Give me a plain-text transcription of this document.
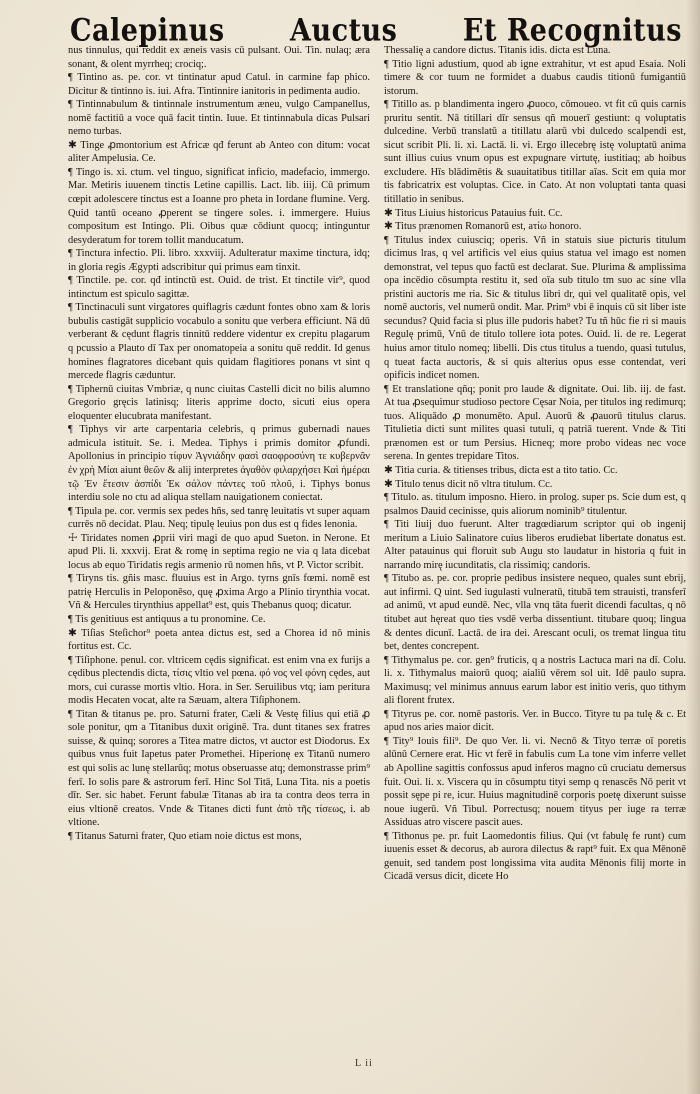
Calepinus Auctus Et Recognitus

nus tinnulus, qui reddit ex æneis vasis cū pulsant. Oui. Tin. nulaq; æra sonant, & olent myrrheq; crociq;.

¶ Tintino as. pe. cor. vt tintinatur apud Catul. in carmine fap phico. Dicitur & tintinno is. iui. Afra. Tintinnire ianitoris in pedimenta audio.

¶ Tintinnabulum & tintinnale instrumentum æneu, vulgo Campanellus, nomē factitiū a voce quā facit tintin. Iuue. Et tintinnabula dicas Pulsari nemo turbas.

✱ Tinge ꝓmontorium est Africæ qđ ferunt ab Anteo con ditum: vocat aliter Ampelusia. Ce.

¶ Tingo is. xi. ctum. vel tinguo, significat inficio, madefacio, immergo. Mar. Metiris iuuenem tinctis Letine capillis. Lact. lib. iiij. Cū primum cœpit adolescere tinctus est a Ioanne pro pheta in Iordane flumine. Verg. Quid tantū oceano ꝓperent se tingere soles. i. immergere. Huius compositum est Intingo. Pli. Oibus quæ cōdiunt quocq; intinguntur desyderatum for torem tollit manducatum.

¶ Tinctura infectio. Pli. libro. xxxviij. Adulteratur maxime tinctura, idq; in gloria regis Ægypti adscribitur qui primus eam tinxit.

¶ Tinctile. pe. cor. qđ intinctū est. Ouid. de trist. Et tinctile vir⁹, quod intinctum est spiculo sagittæ.

¶ Tinctinaculi sunt virgatores quiflagris cædunt fontes obno xam & loris bubulis castigāt supplicio vocabulo a sonitu que verbera efficiunt. Nā dū verberant & cędunt flagris tinnitū reddere videntur ex crepitu plagarum q pcussio a Plauto dī Tax per onomatopeia a sonitu quē reddit. Id genus homines flagratores dicebant quis quidam flagitiores ponans vt sint q mercede flagris cæduntur.

¶ Tiphernū ciuitas Vmbriæ, q nunc ciuitas Castelli dicit no bilis alumno Gregorio gręcis latinisq; literis apprime docto, sicuti eius opera eloquenter elucubrata manifestant.

¶ Tiphys vir arte carpentaria celebris, q primus gubernadi naues admicula istituit. Se. i. Medea. Tiphys i primis domitor ꝓfundi. Apollonius in principio τίφυν Ἀγνιάδην φασὶ σαοφροσύνη τε κυβερνᾶν ἐν χρὴ Μίαι aiunt θεῶν & alij interpretes ἀγαθὸν φιλαρχήσει Καὶ ἡμέραι τῷ Ἐν ἔτεσιν ἀσπίδι Ἐκ σάλον πάντες τοῦ πλοῦ, i. Tiphys bonus interdiu sole no ctu ad aliqua stellam nauigationem coniectat.

¶ Tipula pe. cor. vermis sex pedes hñs, sed tanrę leuitatis vt super aquam currēs nō decidat. Plau. Neq; tipulę leuius pon dus est q fides lenonia.

☩ Tiridates nomen ꝓprii viri magi de quo apud Sueton. in Nerone. Et apud Pli. li. xxxvij. Erat & romę in septima regio ne via q lata dicebat locus ab equo Tiridatis regis armenio rū nomen hñs, vt P. Victor scribit.

¶ Tiryns tis. gñis masc. fluuius est in Argo. tyrns gnīs fœmi. nomē est patrię Herculis in Peloponēso, quę ꝓxima Argo a Plinio tirynthia vocat. Vñ & Hercules tirynthius appellat⁹ est, quis Thebanus quoq; dicatur.

¶ Tis genitiuus est antiquus a tu pronomine. Ce.

✱ Tiſias Steſichor⁹ poeta antea dictus est, sed a Chorea id nō minis fortitus est. Cc.

¶ Tiſiphone. penul. cor. vltricem cędis significat. est enim vna ex furijs a cędibus plectendis dicta, τίσις vltio vel pœna. φό νος vel φόνη cędes, aut mors, cui curasse mortis vltio. Hora. in Ser. Seruilibus vtq; iam peritura modis Hecaten vocat, alte ra Sæuam, altera Tiſiphonem.

¶ Titan & titanus pe. pro. Saturni frater, Cæli & Vestę filius qui etiā ꝓ sole ponitur, qm a Titanibus duxit originē. Tra. dunt titanes sex fratres suisse, & quinq; sorores a Titea matre dictos, vt auctor est Diodorus. Ex quibus vnus fuit Iapetus pater Promethei. Hiperionę ex Titanū numero est qui solis ac lunę stellarūq; motus obseruasse atq; demonstrasse prim⁹ ferī. Io solis pare & astrorum ferī. Hinc Sol Titā, Luna Tita. nis a poetis dīr. Ser. sic habet. Ferunt fabulæ Titanas ab ira ta contra deos terra in eius vltionē creatos. Vnde & Titanes dicti funt ἀπὸ τῆς τίσεως, i. ab vltione.

¶ Titanus Saturni frater, Quo etiam noie dictus est mons,

Thessalię a candore dictus. Titanis idis. dicta est Luna.

¶ Titio ligni adustium, quod ab igne extrahitur, vt est apud Esaia. Noli timere & cor tuum ne formidet a duabus caudis titionū fumigantiū istorum.

¶ Titillo as. p blandimenta ingero ꝓuoco, cōmoueo. vt fit cū quis carnis pruritu sentit. Nā titillari dīr sensus qñ mouerī gestiunt: q voluptatis dulcedine. Verbū translatū a titillatu alarū vbi dulcedo scalpendi est, sicut scribit Pli. li. xi. Lactā. li. vi. Ergo illecebrę istę voluptatū anima sunt illius cuius vnum opus est expugnare virtutę, iustitiaq; ab hoibus excludere. Hīs blādimētis & suauitatibus titillar aīas. Scit em quia mor tis fabricatrix est voluptas. Cice. in Cato. At non voluptati tanta quasi titillatio in senibus.

✱ Titus Liuius historicus Patauius fuit. Cc.

✱ Titus prænomen Romanorū est, aτίω honoro.

¶ Titulus index cuiusciq; operis. Vñ in statuis siue picturis titulum dicimus lras, q vel artificis vel eius quius statua vel imago est nomen demonstrat, vel tepus quo factū est declarat. Sue. Plurima & amplissima opa incēdio cōsumpta restitu it, sed oīa sub titulo tm suo ac sine vlla pristini auctoris me ria. Sic & titulus libri dr, qui vel qualitatē opis, vel nomē auctoris, vel numerū ondit. Mar. Prim⁹ vbi ē inquis cū sit liber iste secundus? Quid facia si plus ille pudoris habet? Tu tñ hūc fie ri si mauis Regulę primū, Vnū de titulo tollere iota potes. Ouid. li. de re. Legerat huius amor titulo nomeq; libelli. Dis ctus titulus a tuendo, quasi tutulus, q tueat facta auctoris, & si quis alterius opus esse contendat, veri opificis indicet nomen.

¶ Et translatione qñq; ponit pro laude & dignitate. Oui. lib. iij. de fast. At tua ꝓsequimur studioso pectore Cęsar Noia, per titulos ing redimurq; tuos. Aliquādo ꝓ monumēto. Apul. Auorū & ꝓauorū titulus clarus. Titulietia dicti sunt milites quasi tutuli, q patriā tuerent. Vnde & Titi prænomen est or tum Persius. Hicneq; more probo videas nec voce serena. In gentes trepidare Titos.

✱ Titia curia. & titienses tribus, dicta est a tito tatio. Cc.

✱ Titulo tenus dicit nō vltra titulum. Cc.

¶ Titulo. as. titulum imposno. Hiero. in prolog. super ps. Scie dum est, q psalmos Dauid cecinisse, quis aliorum nominib⁹ titulentur.

¶ Titi liuij duo fuerunt. Alter tragœdiarum scriptor qui ob ingenij meritum a Liuio Salinatore cuius liberos erudiebat libertate donatus est. Alter patauinus qui floruit sub Augu sto laudatur in historia q fuit in narrando mirę iucunditatis, cla rissimiq; candoris.

¶ Titubo as. pe. cor. proprie pedibus insistere nequeo, quales sunt ebrij, aut infirmi. Q uint. Sed iugulasti vulneratū, titubā tem strauisti, transferī ad animū, vt apud eundē. Nec, vlla vnq tāta fuerit dicendi facultas, q nō titubet aut hęreat quo ties vsdē verba dissentiunt. titubare quoq; lingua & dentes dicunī. Lactā. de ira dei. Arescant oculi, os tremat lingua titu bet, dentes concrepent.

¶ Tithymalus pe. cor. gen⁹ fruticis, q a nostris Lactuca mari na dī. Colu. li. x. Tithymalus maiorū quoq; aialiū vērem sol uit. Idē paulo supra. Maximusq; vel minimus annuus earum labor est initio veris, quo tithym ali florent frutex.

¶ Tityrus pe. cor. nomē pastoris. Ver. in Bucco. Tityre tu pa tulę & c. Et apud nos aries maior dicit.

¶ Tity⁹ Iouis fili⁹. De quo Ver. li. vi. Necnō & Tityo terræ oī poretis alūnū Cernere erat. Hic vt ferē in fabulis cum La tone vim inferre vellet ab Apolline sagittis confossus apud inferos magno cū cruciatu demersus fuit. Oui. li. x. Viscera qu in cōsumptu tityi semp q renascēs Nō perit vt possit sępe pi re, icur. Huius magnitudinē corporis poetę dixerunt suisse noue iugerū. Vñ Tibul. Porrectusq; nouem tityus per iuge ra terræ Assiduas atro viscere pascit aues.

¶ Tithonus pe. pr. fuit Laomedontis filius. Qui (vt fabulę fe runt) cum iuuenis esset & decorus, ab aurora dilectus & rapt⁹ fuit. Ex qua Mēnonē genuit, sed tandem post longissima vita audita Mēnonis filij morte in Cicadā versus dicit, dicete Ho

L ii
